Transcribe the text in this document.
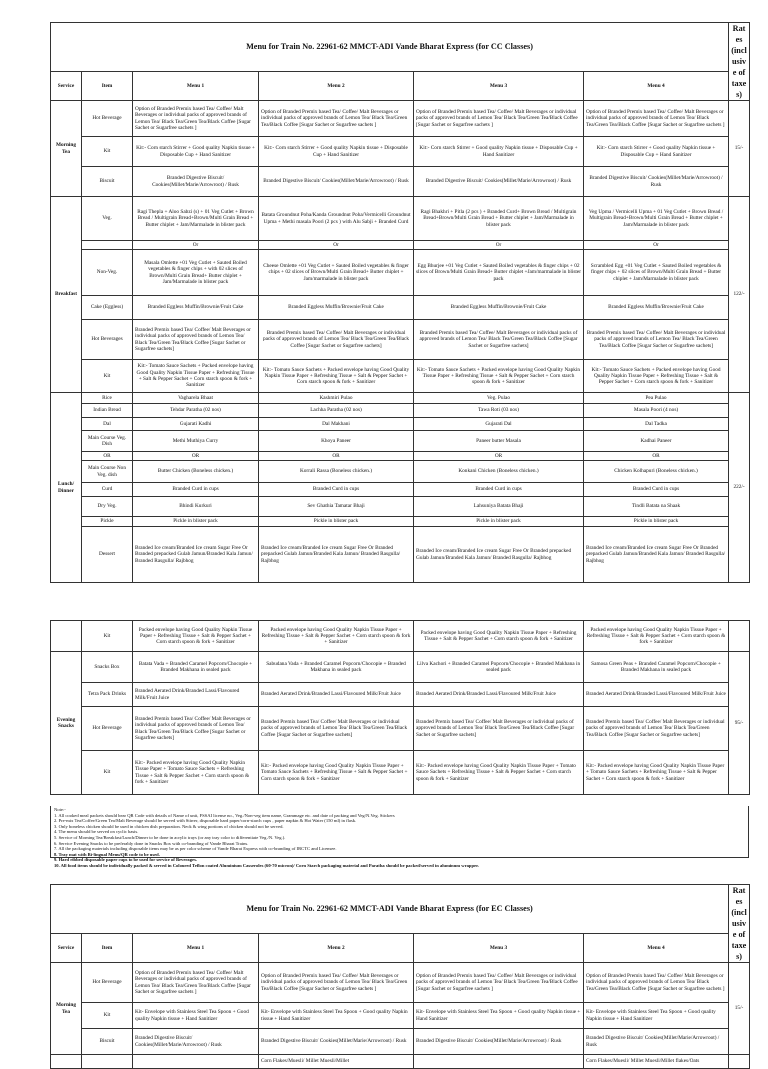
Menu for Train No. 22961-62 MMCT-ADI Vande Bharat Express (for CC Classes)						Rates (inclusive of taxes)
Service	Item	Menu 1	Menu 2	Menu 3	Menu 4	
Morning Tea	Hot Beverage	Option of Branded Premix based Tea/ Coffee/ Malt Beverages or individual packs of approved brands of Lemon Tea/ Black Tea/Green Tea/Black Coffee [Sugar Sachet or Sugarfree sachets ]	Option of Branded Premix based Tea/ Coffee/ Malt Beverages or individual packs of approved brands of Lemon Tea/ Black Tea/Green Tea/Black Coffee [Sugar Sachet or Sugarfree sachets ]	Option of Branded Premix based Tea/ Coffee/ Malt Beverages or individual packs of approved brands of Lemon Tea/ Black Tea/Green Tea/Black Coffee [Sugar Sachet or Sugarfree sachets ]	Option of Branded Premix based Tea/ Coffee/ Malt Beverages or individual packs of approved brands of Lemon Tea/ Black Tea/Green Tea/Black Coffee [Sugar Sachet or Sugarfree sachets ]	15/-
	Kit	Kit:- Corn starch Stirrer + Good quality Napkin tissue + Disposable Cup + Hand Sanitizer	Kit:- Corn starch Stirrer + Good quality Napkin tissue + Disposable Cup + Hand Sanitizer	Kit:- Corn starch Stirrer + Good quality Napkin tissue + Disposable Cup + Hand Sanitizer	Kit:- Corn starch Stirrer + Good quality Napkin tissue + Disposable Cup + Hand Sanitizer	
	Biscuit	Branded Digestive Biscuit/ Cookies(Millet/Marie/Arrowroot) / Rusk	Branded Digestive Biscuit/ Cookies(Millet/Marie/Arrowroot) / Rusk	Branded Digestive Biscuit/ Cookies(Millet/Marie/Arrowroot) / Rusk	Branded Digestive Biscuit/ Cookies(Millet/Marie/Arrowroot) / Rusk	
Breakfast	Veg.	Ragi Thepla + Aloo Sabzi (s) + 01 Veg Cutlet + Brown Bread / Multigrain Bread+Brown/Multi Grain Bread + Butter chiplet + Jam/Marmalade in blister pack	Batata Groundnut Poha/Kanda Groundnut Poha/Vermicelli Groundnut Upma + Methi masala Poori (2 pcs ) with Alu Sabji + Branded Curd	Ragi Bhakhri + Pitla (2 pcs ) + Branded Curd+ Brown Bread / Multigrain Bread+Brown/Multi Grain Bread + Butter chiplet + Jam/Marmalade in blister pack	Veg Upma / Vermicelli Upma + 01 Veg Cutlet + Brown Bread / Multigrain Bread+Brown/Multi Grain Bread + Butter chiplet + Jam/Marmalade in blister pack	122/-
		Or	Or	Or	Or	
	Non-Veg.	Masala Omlette +01 Veg Cutlet + Sauted Boiled vegetables & finger chips + with 02 slices of Brown/Multi Grain Bread+ Butter chiplet + Jam/Marmalade in blister pack	Cheese Omlette +01 Veg Cutlet + Sauted Boiled vegetables & finger chips + 02 slices of Brown/Multi Grain Bread+ Butter chiplet + Jam/marmalade in blister pack	Egg Bhurjee +01 Veg Cutlet + Sauted Boiled vegetables & finger chips + 02 slices of Brown/Multi Grain Bread+ Butter chiplet +Jam/marmalade in blister pack	Scrambled Egg +01 Veg Cutlet + Sauted Boiled vegetables & finger chips + 02 slices of Brown/Multi Grain Bread + Butter chiplet + Jam/Marmalade in blister pack	
	Cake (Eggless)	Branded Eggless Muffin/Brownie/Fruit Cake	Branded Eggless Muffin/Brownie/Fruit Cake	Branded Eggless Muffin/Brownie/Fruit Cake	Branded Eggless Muffin/Brownie/Fruit Cake	
	Hot Beverages	Branded Premix based Tea/ Coffee/ Malt Beverages or individual packs of approved brands of Lemon Tea/ Black Tea/Green Tea/Black Coffee [Sugar Sachet or Sugarfree sachets]	Branded Premix based Tea/ Coffee/ Malt Beverages or individual packs of approved brands of Lemon Tea/ Black Tea/Green Tea/Black Coffee [Sugar Sachet or Sugarfree sachets]	Branded Premix based Tea/ Coffee/ Malt Beverages or individual packs of approved brands of Lemon Tea/ Black Tea/Green Tea/Black Coffee [Sugar Sachet or Sugarfree sachets]	Branded Premix based Tea/ Coffee/ Malt Beverages or individual packs of approved brands of Lemon Tea/ Black Tea/Green Tea/Black Coffee [Sugar Sachet or Sugarfree sachets]	
	Kit	Kit:- Tomato Sauce Sachets + Packed envelope having Good Quality Napkin Tissue Paper + Refreshing Tissue + Salt & Pepper Sachet + Corn starch spoon & fork + Sanitizer	Kit:- Tomato Sauce Sachets + Packed envelope having Good Quality Napkin Tissue Paper + Refreshing Tissue + Salt & Pepper Sachet + Corn starch spoon & fork + Sanitizer	Kit:- Tomato Sauce Sachets + Packed envelope having Good Quality Napkin Tissue Paper + Refreshing Tissue + Salt & Pepper Sachet + Corn starch spoon & fork + Sanitizer	Kit:- Tomato Sauce Sachets + Packed envelope having Good Quality Napkin Tissue Paper + Refreshing Tissue + Salt & Pepper Sachet + Corn starch spoon & fork + Sanitizer	
Lunch/ Dinner	Rice	Vagharela Bhaat	Kashmiri Pulao	Veg. Pulao	Pea Pulao	222/-
	Indian Bread	Tehdar Paratha (02 nos)	Lachha Paratha (02 nos)	Tawa Roti (03 nos)	Masala Poori (4 nos)	
	Dal	Gujarati Kadhi	Dal Makhani	Gujarati Dal	Dal Tadka	
	Main Course Veg. Dish	Methi Muthiya Curry	Khoya Paneer	Paneer butter Masala	Kadhai Paneer	
	OR	OR	OR	OR	OR	
	Main Course Non Veg. dish	Butter Chicken (Boneless chicken.)	Korrali Rassa (Boneless chicken.)	Konkani Chicken (Boneless chicken.)	Chicken Kolhapuri (Boneless chicken.)	
	Curd	Branded Curd in cups	Branded Curd in cups	Branded Curd in cups	Branded Curd in cups	
	Dry Veg.	Bhindi Kurkuri	Sev Ghathia Tamatar Bhaji	Lahsuniya Batata Bhaji	Tindli Batata na Shaak	
	Pickle	Pickle in blister pack	Pickle in blister pack	Pickle in blister pack	Pickle in blister pack	
	Dessert	Branded Ice cream/Branded Ice cream Sugar Free Or Branded prepacked Gulab Jamun/Branded Kala Jamun/ Branded Rasgulla/ Rajbhog	Branded Ice cream/Branded Ice cream Sugar Free Or Branded prepacked Gulab Jamun/Branded Kala Jamun/ Branded Rasgulla/ Rajbhog	Branded Ice cream/Branded Ice cream Sugar Free Or Branded prepacked Gulab Jamun/Branded Kala Jamun/ Branded Rasgulla/ Rajbhog	Branded Ice cream/Branded Ice cream Sugar Free Or Branded prepacked Gulab Jamun/Branded Kala Jamun/ Branded Rasgulla/ Rajbhog	
	Kit	Packed envelope having Good Quality Napkin Tissue Paper + Refreshing Tissue + Salt & Pepper Sachet + Corn starch spoon & fork + Sanitizer	Packed envelope having Good Quality Napkin Tissue Paper + Refreshing Tissue + Salt & Pepper Sachet + Corn starch spoon & fork + Sanitizer	Packed envelope having Good Quality Napkin Tissue Paper + Refreshing Tissue + Salt & Pepper Sachet + Corn starch spoon & fork + Sanitizer	Packed envelope having Good Quality Napkin Tissue Paper + Refreshing Tissue + Salt & Pepper Sachet + Corn starch spoon & fork + Sanitizer	
Evening Snacks	Snacks Box	Batata Vada + Branded Caramel Popcorn/Chocopie + Branded Makhana in sealed pack	Sabudana Vada + Branded Caramel Popcorn/Chocopie + Branded Makhana in sealed pack	Lilva Kachori + Branded Caramel Popcorn/Chocopie + Branded Makhana in sealed pack	Samosa Green Peas + Branded Caramel Popcorn/Chocopie + Branded Makhana in sealed pack	95/-
	Tetra Pack Drinks	Branded Aerated Drink/Branded Lassi/Flavoured Milk/Fruit Juice	Branded Aerated Drink/Branded Lassi/Flavoured Milk/Fruit Juice	Branded Aerated Drink/Branded Lassi/Flavoured Milk/Fruit Juice	Branded Aerated Drink/Branded Lassi/Flavoured Milk/Fruit Juice	
	Hot Beverage	Branded Premix based Tea/ Coffee/ Malt Beverages or individual packs of approved brands of Lemon Tea/ Black Tea/Green Tea/Black Coffee [Sugar Sachet or Sugarfree sachets]	Branded Premix based Tea/ Coffee/ Malt Beverages or individual packs of approved brands of Lemon Tea/ Black Tea/Green Tea/Black Coffee [Sugar Sachet or Sugarfree sachets]	Branded Premix based Tea/ Coffee/ Malt Beverages or individual packs of approved brands of Lemon Tea/ Black Tea/Green Tea/Black Coffee [Sugar Sachet or Sugarfree sachets]	Branded Premix based Tea/ Coffee/ Malt Beverages or individual packs of approved brands of Lemon Tea/ Black Tea/Green Tea/Black Coffee [Sugar Sachet or Sugarfree sachets]	
	Kit	Kit:- Packed envelope having Good Quality Napkin Tissue Paper + Tomato Sauce Sachets + Refreshing Tissue + Salt & Pepper Sachet + Corn starch spoon & fork + Sanitizer	Kit:- Packed envelope having Good Quality Napkin Tissue Paper + Tomato Sauce Sachets + Refreshing Tissue + Salt & Pepper Sachet + Corn starch spoon & fork + Sanitizer	Kit:- Packed envelope having Good Quality Napkin Tissue Paper + Tomato Sauce Sachets + Refreshing Tissue + Salt & Pepper Sachet + Corn starch spoon & fork + Sanitizer	Kit:- Packed envelope having Good Quality Napkin Tissue Paper + Tomato Sauce Sachets + Refreshing Tissue + Salt & Pepper Sachet + Corn starch spoon & fork + Sanitizer	
Note:-
1. All cooked meal packets should bear QR Code with details of Name of unit, FSSAI license no., Veg./Non-veg item name, Grammage etc. and date of packing and Veg/N.Veg. Stickers
2. Pre-mix Tea/Coffee/Green Tea/Malt Beverage should be served with Stirrer, disposable hard paper/corn-starch cups , paper napkin & Hot Water (150 ml) in flask.
3. Only boneless chicken should be used in chicken dish preparation. Neck & wing portions of chicken should not be served.
4. The menu should be served on cyclic basis.
5. Service of Morning Tea/Breakfast/Lunch/Dinner to be done in acrylic trays (or any tray color to differentiate Veg./N. Veg.).
6. Service Evening Snacks to be preferably done in Snacks Box with co-branding of Vande Bharat Trains.
7. All the packaging materials including disposable items may be as per color scheme of Vande Bharat Express with co-branding of IRCTC and Licensee.
8. Tray mat with Bi-lingual Menu/QR code to be used.
9. Hard ribbed disposable paper cups to be used for service of Beverages.
10. All food items should be individually packed & served in Coloured Teflon coated Aluminium Casseroles (60-70 micron)/ Corn Starch packaging material and Paratha should be packed/served in aluminum wrapper.
Menu for Train No. 22961-62 MMCT-ADI Vande Bharat Express (for EC Classes)						Rates (inclusive of taxes)
Service	Item	Menu 1	Menu 2	Menu 3	Menu 4	
Morning Tea	Hot Beverage	Option of Branded Premix based Tea/ Coffee/ Malt Beverages or individual packs of approved brands of Lemon Tea/ Black Tea/Green Tea/Black Coffee [Sugar Sachet or Sugarfree sachets ]	Option of Branded Premix based Tea/ Coffee/ Malt Beverages or individual packs of approved brands of Lemon Tea/ Black Tea/Green Tea/Black Coffee [Sugar Sachet or Sugarfree sachets ]	Option of Branded Premix based Tea/ Coffee/ Malt Beverages or individual packs of approved brands of Lemon Tea/ Black Tea/Green Tea/Black Coffee [Sugar Sachet or Sugarfree sachets ]	Option of Branded Premix based Tea/ Coffee/ Malt Beverages or individual packs of approved brands of Lemon Tea/ Black Tea/Green Tea/Black Coffee [Sugar Sachet or Sugarfree sachets ]	15/-
	Kit	Kit- Envelope with Stainless Steel Tea Spoon + Good quality Napkin tissue + Hand Sanitizer	Kit- Envelope with Stainless Steel Tea Spoon + Good quality Napkin tissue + Hand Sanitizer	Kit- Envelope with Stainless Steel Tea Spoon + Good quality Napkin tissue + Hand Sanitizer	Kit- Envelope with Stainless Steel Tea Spoon + Good quality Napkin tissue + Hand Sanitizer	
	Biscuit	Branded Digestive Biscuit/ Cookies(Millet/Marie/Arrowroot) / Rusk	Branded Digestive Biscuit/ Cookies(Millet/Marie/Arrowroot) / Rusk	Branded Digestive Biscuit/ Cookies(Millet/Marie/Arrowroot) / Rusk	Branded Digestive Biscuit/ Cookies(Millet/Marie/Arrowroot) / Rusk	
			Corn Flakes/Muesli/ Millet Muesli/Millet		Corn Flakes/Muesli/ Millet Muesli/Millet flakes/Oats	
